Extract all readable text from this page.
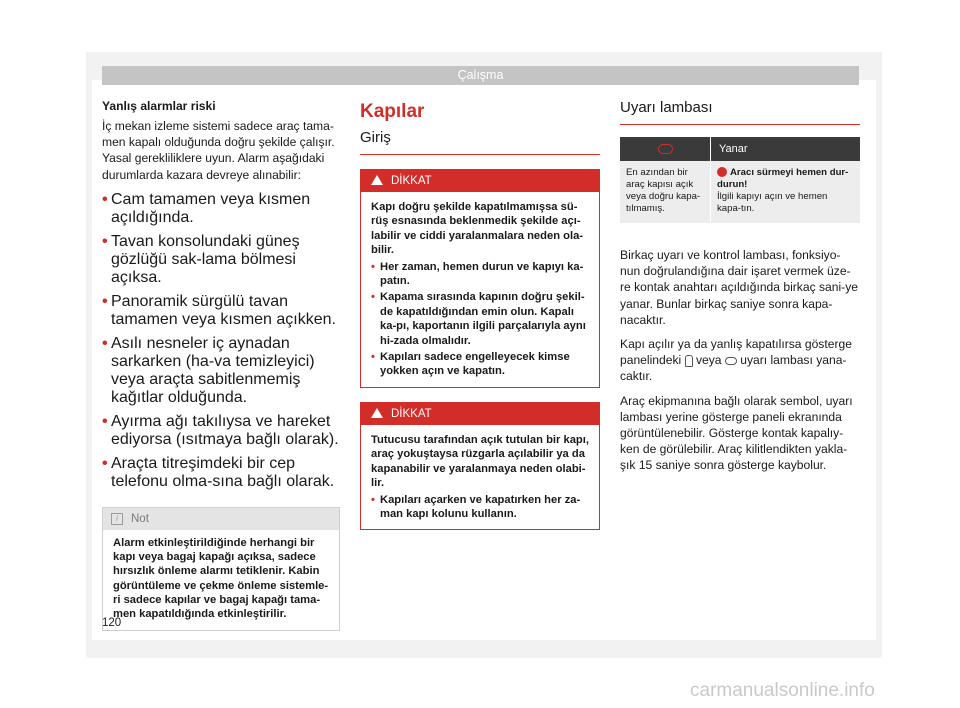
Çalışma

Yanlış alarmlar riski

İç mekan izleme sistemi sadece araç tama-men kapalı olduğunda doğru şekilde çalışır. Yasal gerekliliklere uyun. Alarm aşağıdaki durumlarda kazara devreye alınabilir:

• Cam tamamen veya kısmen açıldığında.
• Tavan konsolundaki güneş gözlüğü sak-lama bölmesi açıksa.
• Panoramik sürgülü tavan tamamen veya kısmen açıkken.
• Asılı nesneler iç aynadan sarkarken (ha-va temizleyici) veya araçta sabitlenmemiş kağıtlar olduğunda.
• Ayırma ağı takılıysa ve hareket ediyorsa (ısıtmaya bağlı olarak).
• Araçta titreşimdeki bir cep telefonu olma-sına bağlı olarak.
i Not
Alarm etkinleştirildiğinde herhangi bir kapı veya bagaj kapağı açıksa, sadece hırsızlık önleme alarmı tetiklenir. Kabin görüntüleme ve çekme önleme sistemle-ri sadece kapılar ve bagaj kapağı tama-men kapatıldığında etkinleştirilir.
Kapılar
Giriş
DİKKAT
Kapı doğru şekilde kapatılmamışsa sü-rüş esnasında beklenmedik şekilde açı-labilir ve ciddi yaralanmalara neden ola-bilir.
• Her zaman, hemen durun ve kapıyı ka-patın.
• Kapama sırasında kapının doğru şekil-de kapatıldığından emin olun. Kapalı ka-pı, kaportanın ilgili parçalarıyla aynı hi-zada olmalıdır.
• Kapıları sadece engelleyecek kimse yokken açın ve kapatın.
DİKKAT
Tutucusu tarafından açık tutulan bir kapı, araç yokuştaysa rüzgarla açılabilir ya da kapanabilir ve yaralanmaya neden olabi-lir.
• Kapıları açarken ve kapatırken her za-man kapı kolunu kullanın.
Uyarı lambası
	Yanar
En azından bir araç kapısı açık veya doğru kapa-tılmamış.	Aracı sürmeyi hemen dur-durun!
İlgili kapıyı açın ve hemen kapa-tın.

Birkaç uyarı ve kontrol lambası, fonksiyo-nun doğrulandığına dair işaret vermek üze-re kontak anahtarı açıldığında birkaç sani-ye yanar. Bunlar birkaç saniye sonra kapa-nacaktır.

Kapı açılır ya da yanlış kapatılırsa gösterge panelindeki veya uyarı lambası yana-caktır.

Araç ekipmanına bağlı olarak sembol, uyarı lambası yerine gösterge paneli ekranında görüntülenebilir. Gösterge kontak kapalıy-ken de görülebilir. Araç kilitlendikten yakla-şık 15 saniye sonra gösterge kaybolur.

120
carmanualsonline.info
